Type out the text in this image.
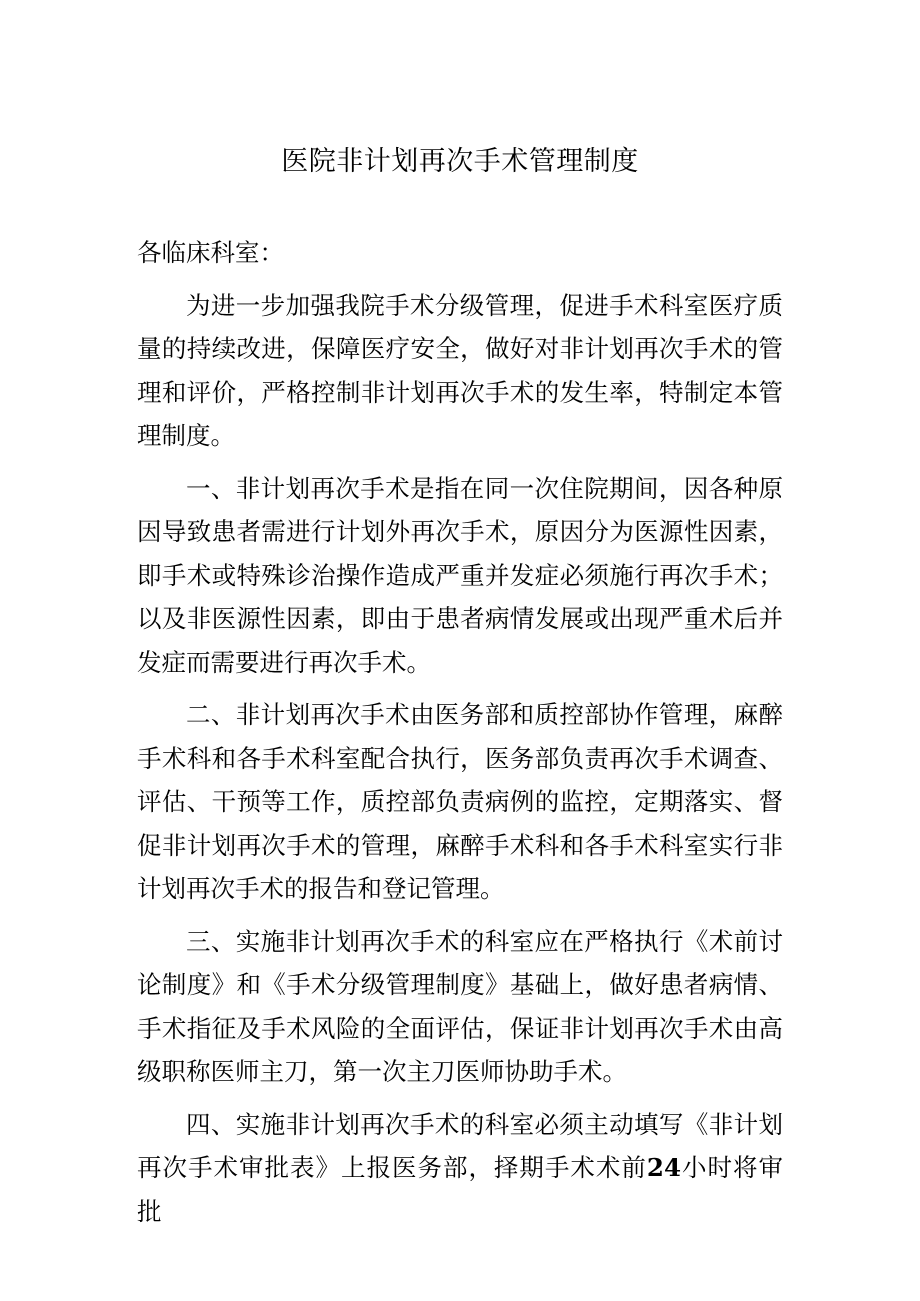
医院非计划再次手术管理制度

各临床科室：

为进一步加强我院手术分级管理，促进手术科室医疗质量的持续改进，保障医疗安全，做好对非计划再次手术的管理和评价，严格控制非计划再次手术的发生率，特制定本管理制度。

一、非计划再次手术是指在同一次住院期间，因各种原因导致患者需进行计划外再次手术，原因分为医源性因素，即手术或特殊诊治操作造成严重并发症必须施行再次手术；以及非医源性因素，即由于患者病情发展或出现严重术后并发症而需要进行再次手术。

二、非计划再次手术由医务部和质控部协作管理，麻醉手术科和各手术科室配合执行，医务部负责再次手术调查、评估、干预等工作，质控部负责病例的监控，定期落实、督促非计划再次手术的管理，麻醉手术科和各手术科室实行非计划再次手术的报告和登记管理。

三、实施非计划再次手术的科室应在严格执行《术前讨论制度》和《手术分级管理制度》基础上，做好患者病情、手术指征及手术风险的全面评估，保证非计划再次手术由高级职称医师主刀，第一次主刀医师协助手术。

四、实施非计划再次手术的科室必须主动填写《非计划再次手术审批表》上报医务部，择期手术术前24小时将审批
